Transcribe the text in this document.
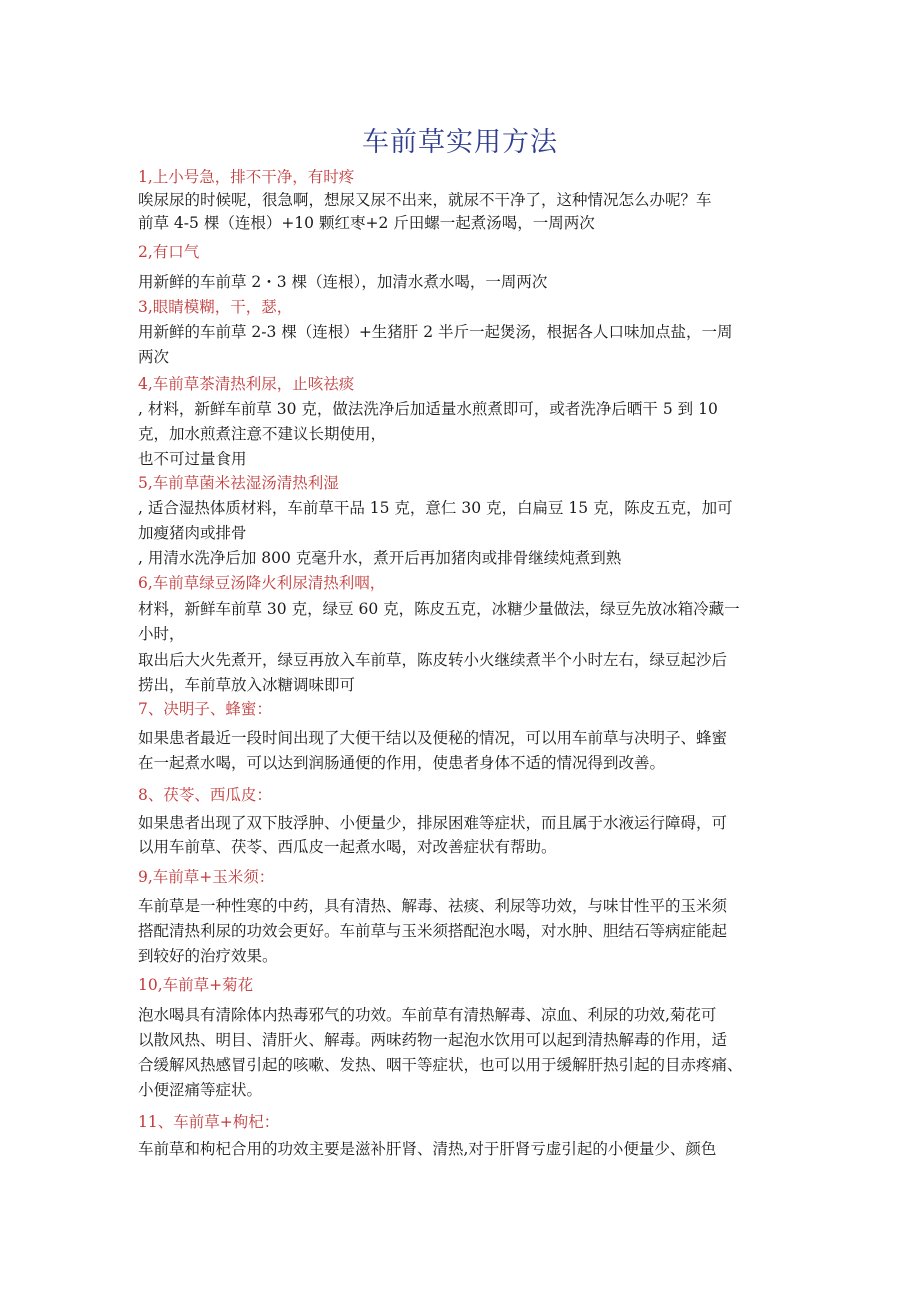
车前草实用方法
1,上小号急，排不干净，有时疼
唉尿尿的时候呢，很急啊，想尿又尿不出来，就尿不干净了，这种情况怎么办呢？车
前草 4-5 棵（连根）+10 颗红枣+2 斤田螺一起煮汤喝，一周两次
2,有口气
用新鲜的车前草 2・3 棵（连根），加清水煮水喝，一周两次
3,眼睛模糊，干，瑟，
用新鲜的车前草 2-3 棵（连根）+生猪肝 2 半斤一起煲汤，根据各人口味加点盐，一周
两次
4,车前草茶清热利尿，止咳祛痰
, 材料，新鲜车前草 30 克，做法洗净后加适量水煎煮即可，或者洗净后晒干 5 到 10
克，加水煎煮注意不建议长期使用，
也不可过量食用
5,车前草菌米祛湿汤清热利湿
, 适合湿热体质材料，车前草干品 15 克，意仁 30 克，白扁豆 15 克，陈皮五克，加可
加瘦猪肉或排骨
, 用清水洗净后加 800 克毫升水，煮开后再加猪肉或排骨继续炖煮到熟
6,车前草绿豆汤降火利尿清热利咽，
材料，新鲜车前草 30 克，绿豆 60 克，陈皮五克，冰糖少量做法，绿豆先放冰箱冷藏一
小时，
取出后大火先煮开，绿豆再放入车前草，陈皮转小火继续煮半个小时左右，绿豆起沙后
捞出，车前草放入冰糖调味即可
7、决明子、蜂蜜：
如果患者最近一段时间出现了大便干结以及便秘的情况，可以用车前草与决明子、蜂蜜
在一起煮水喝，可以达到润肠通便的作用，使患者身体不适的情况得到改善。
8、茯苓、西瓜皮：
如果患者出现了双下肢浮肿、小便量少，排尿困难等症状，而且属于水液运行障碍，可
以用车前草、茯苓、西瓜皮一起煮水喝，对改善症状有帮助。
9,车前草+玉米须：
车前草是一种性寒的中药，具有清热、解毒、祛痰、利尿等功效，与味甘性平的玉米须
搭配清热利尿的功效会更好。车前草与玉米须搭配泡水喝，对水肿、胆结石等病症能起
到较好的治疗效果。
10,车前草+菊花
泡水喝具有清除体内热毒邪气的功效。车前草有清热解毒、凉血、利尿的功效,菊花可
以散风热、明目、清肝火、解毒。两味药物一起泡水饮用可以起到清热解毒的作用，适
合缓解风热感冒引起的咳嗽、发热、咽干等症状，也可以用于缓解肝热引起的目赤疼痛、
小便涩痛等症状。
11、车前草+枸杞：
车前草和枸杞合用的功效主要是滋补肝肾、清热,对于肝肾亏虚引起的小便量少、颜色
